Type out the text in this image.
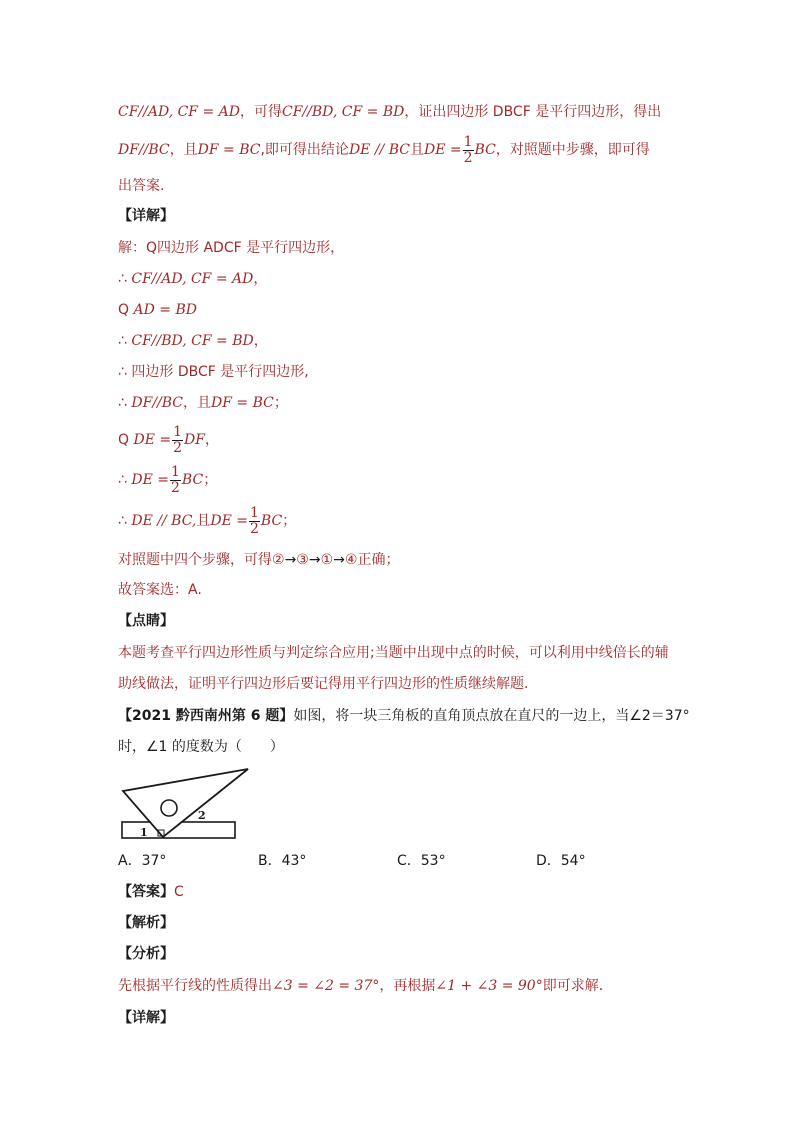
CF//AD, CF = AD，可得CF//BD, CF = BD，证出四边形 DBCF 是平行四边形，得出
DF//BC，且DF = BC,即可得出结论DE // BC且DE = $\frac{1}{2}$ BC，对照题中步骤，即可得
出答案.
【详解】
解：Q四边形 ADCF 是平行四边形，
∴ CF//AD, CF = AD，
Q AD = BD
∴ CF//BD, CF = BD，
∴ 四边形 DBCF 是平行四边形,
∴ DF//BC，且DF = BC；
Q DE = $\frac{1}{2}$ DF，
∴ DE = $\frac{1}{2}$ BC；
∴ DE // BC,且DE = $\frac{1}{2}$ BC；
对照题中四个步骤，可得②→③→①→④正确；
故答案选：A.
【点睛】
本题考查平行四边形性质与判定综合应用;当题中出现中点的时候，可以利用中线倍长的辅
助线做法，证明平行四边形后要记得用平行四边形的性质继续解题.
【2021 黔西南州第 6 题】如图，将一块三角板的直角顶点放在直尺的一边上，当∠2＝37°
时，∠1 的度数为（　　）
1
2
A．37°	B．43°	C．53°	D．54°
【答案】C
【解析】
【分析】
先根据平行线的性质得出∠3 = ∠2 = 37°，再根据∠1 + ∠3 = 90°即可求解．
【详解】
